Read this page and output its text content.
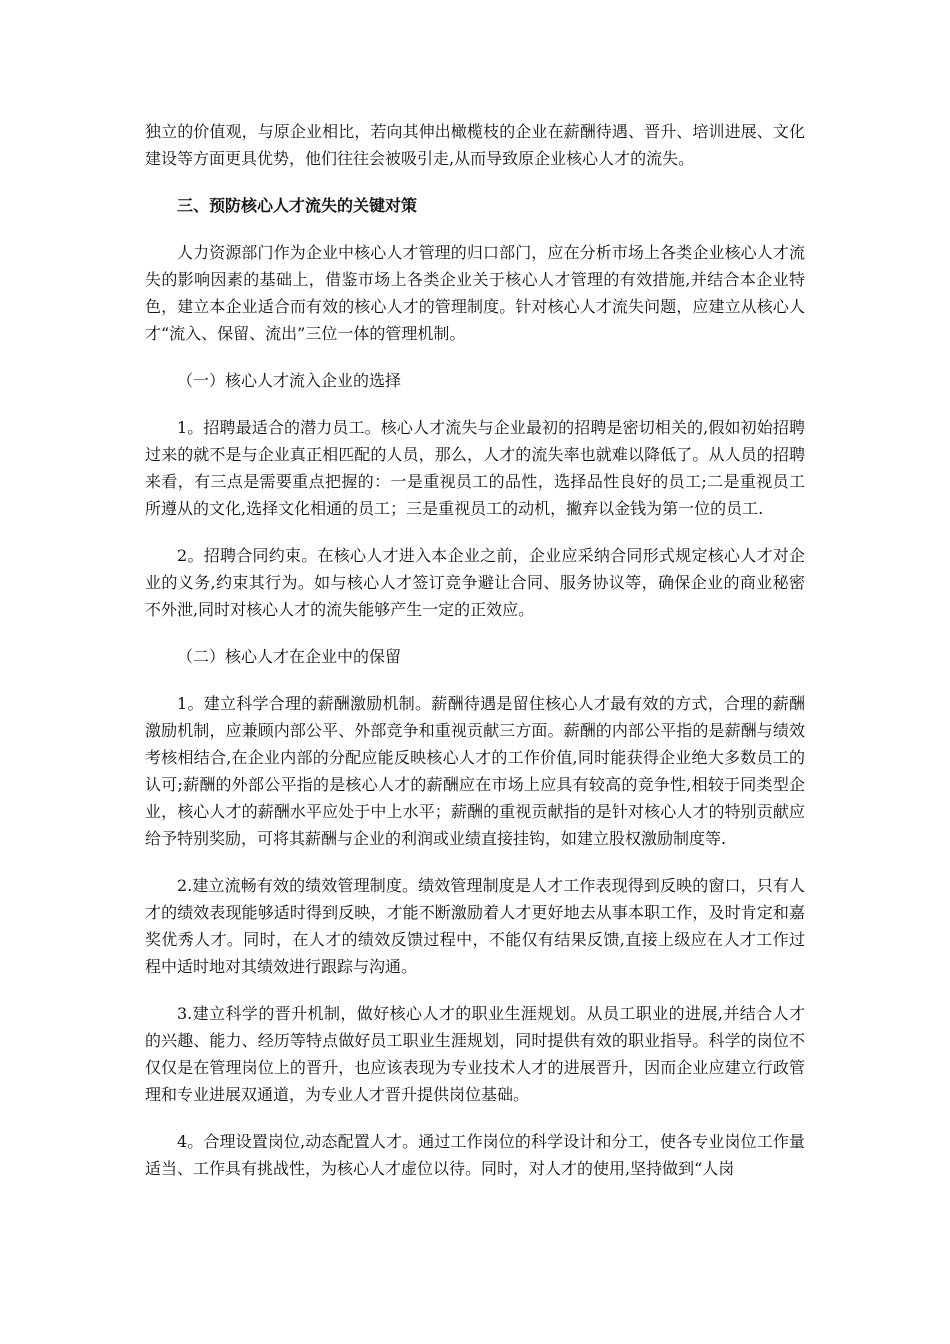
独立的价值观，与原企业相比，若向其伸出橄榄枝的企业在薪酬待遇、晋升、培训进展、文化建设等方面更具优势，他们往往会被吸引走,从而导致原企业核心人才的流失。

三、预防核心人才流失的关键对策

人力资源部门作为企业中核心人才管理的归口部门，应在分析市场上各类企业核心人才流失的影响因素的基础上，借鉴市场上各类企业关于核心人才管理的有效措施,并结合本企业特色，建立本企业适合而有效的核心人才的管理制度。针对核心人才流失问题，应建立从核心人才“流入、保留、流出”三位一体的管理机制。

（一）核心人才流入企业的选择

1。招聘最适合的潜力员工。核心人才流失与企业最初的招聘是密切相关的,假如初始招聘过来的就不是与企业真正相匹配的人员，那么，人才的流失率也就难以降低了。从人员的招聘来看，有三点是需要重点把握的：一是重视员工的品性，选择品性良好的员工;二是重视员工所遵从的文化,选择文化相通的员工；三是重视员工的动机，撇弃以金钱为第一位的员工.

2。招聘合同约束。在核心人才进入本企业之前，企业应采纳合同形式规定核心人才对企业的义务,约束其行为。如与核心人才签订竞争避让合同、服务协议等，确保企业的商业秘密不外泄,同时对核心人才的流失能够产生一定的正效应。

（二）核心人才在企业中的保留

1。建立科学合理的薪酬激励机制。薪酬待遇是留住核心人才最有效的方式，合理的薪酬激励机制，应兼顾内部公平、外部竞争和重视贡献三方面。薪酬的内部公平指的是薪酬与绩效考核相结合,在企业内部的分配应能反映核心人才的工作价值,同时能获得企业绝大多数员工的认可;薪酬的外部公平指的是核心人才的薪酬应在市场上应具有较高的竞争性,相较于同类型企业，核心人才的薪酬水平应处于中上水平；薪酬的重视贡献指的是针对核心人才的特别贡献应给予特别奖励，可将其薪酬与企业的利润或业绩直接挂钩，如建立股权激励制度等.

2.建立流畅有效的绩效管理制度。绩效管理制度是人才工作表现得到反映的窗口，只有人才的绩效表现能够适时得到反映，才能不断激励着人才更好地去从事本职工作，及时肯定和嘉奖优秀人才。同时，在人才的绩效反馈过程中，不能仅有结果反馈,直接上级应在人才工作过程中适时地对其绩效进行跟踪与沟通。

3.建立科学的晋升机制，做好核心人才的职业生涯规划。从员工职业的进展,并结合人才的兴趣、能力、经历等特点做好员工职业生涯规划，同时提供有效的职业指导。科学的岗位不仅仅是在管理岗位上的晋升，也应该表现为专业技术人才的进展晋升，因而企业应建立行政管理和专业进展双通道，为专业人才晋升提供岗位基础。

4。合理设置岗位,动态配置人才。通过工作岗位的科学设计和分工，使各专业岗位工作量适当、工作具有挑战性，为核心人才虚位以待。同时，对人才的使用,坚持做到“人岗
